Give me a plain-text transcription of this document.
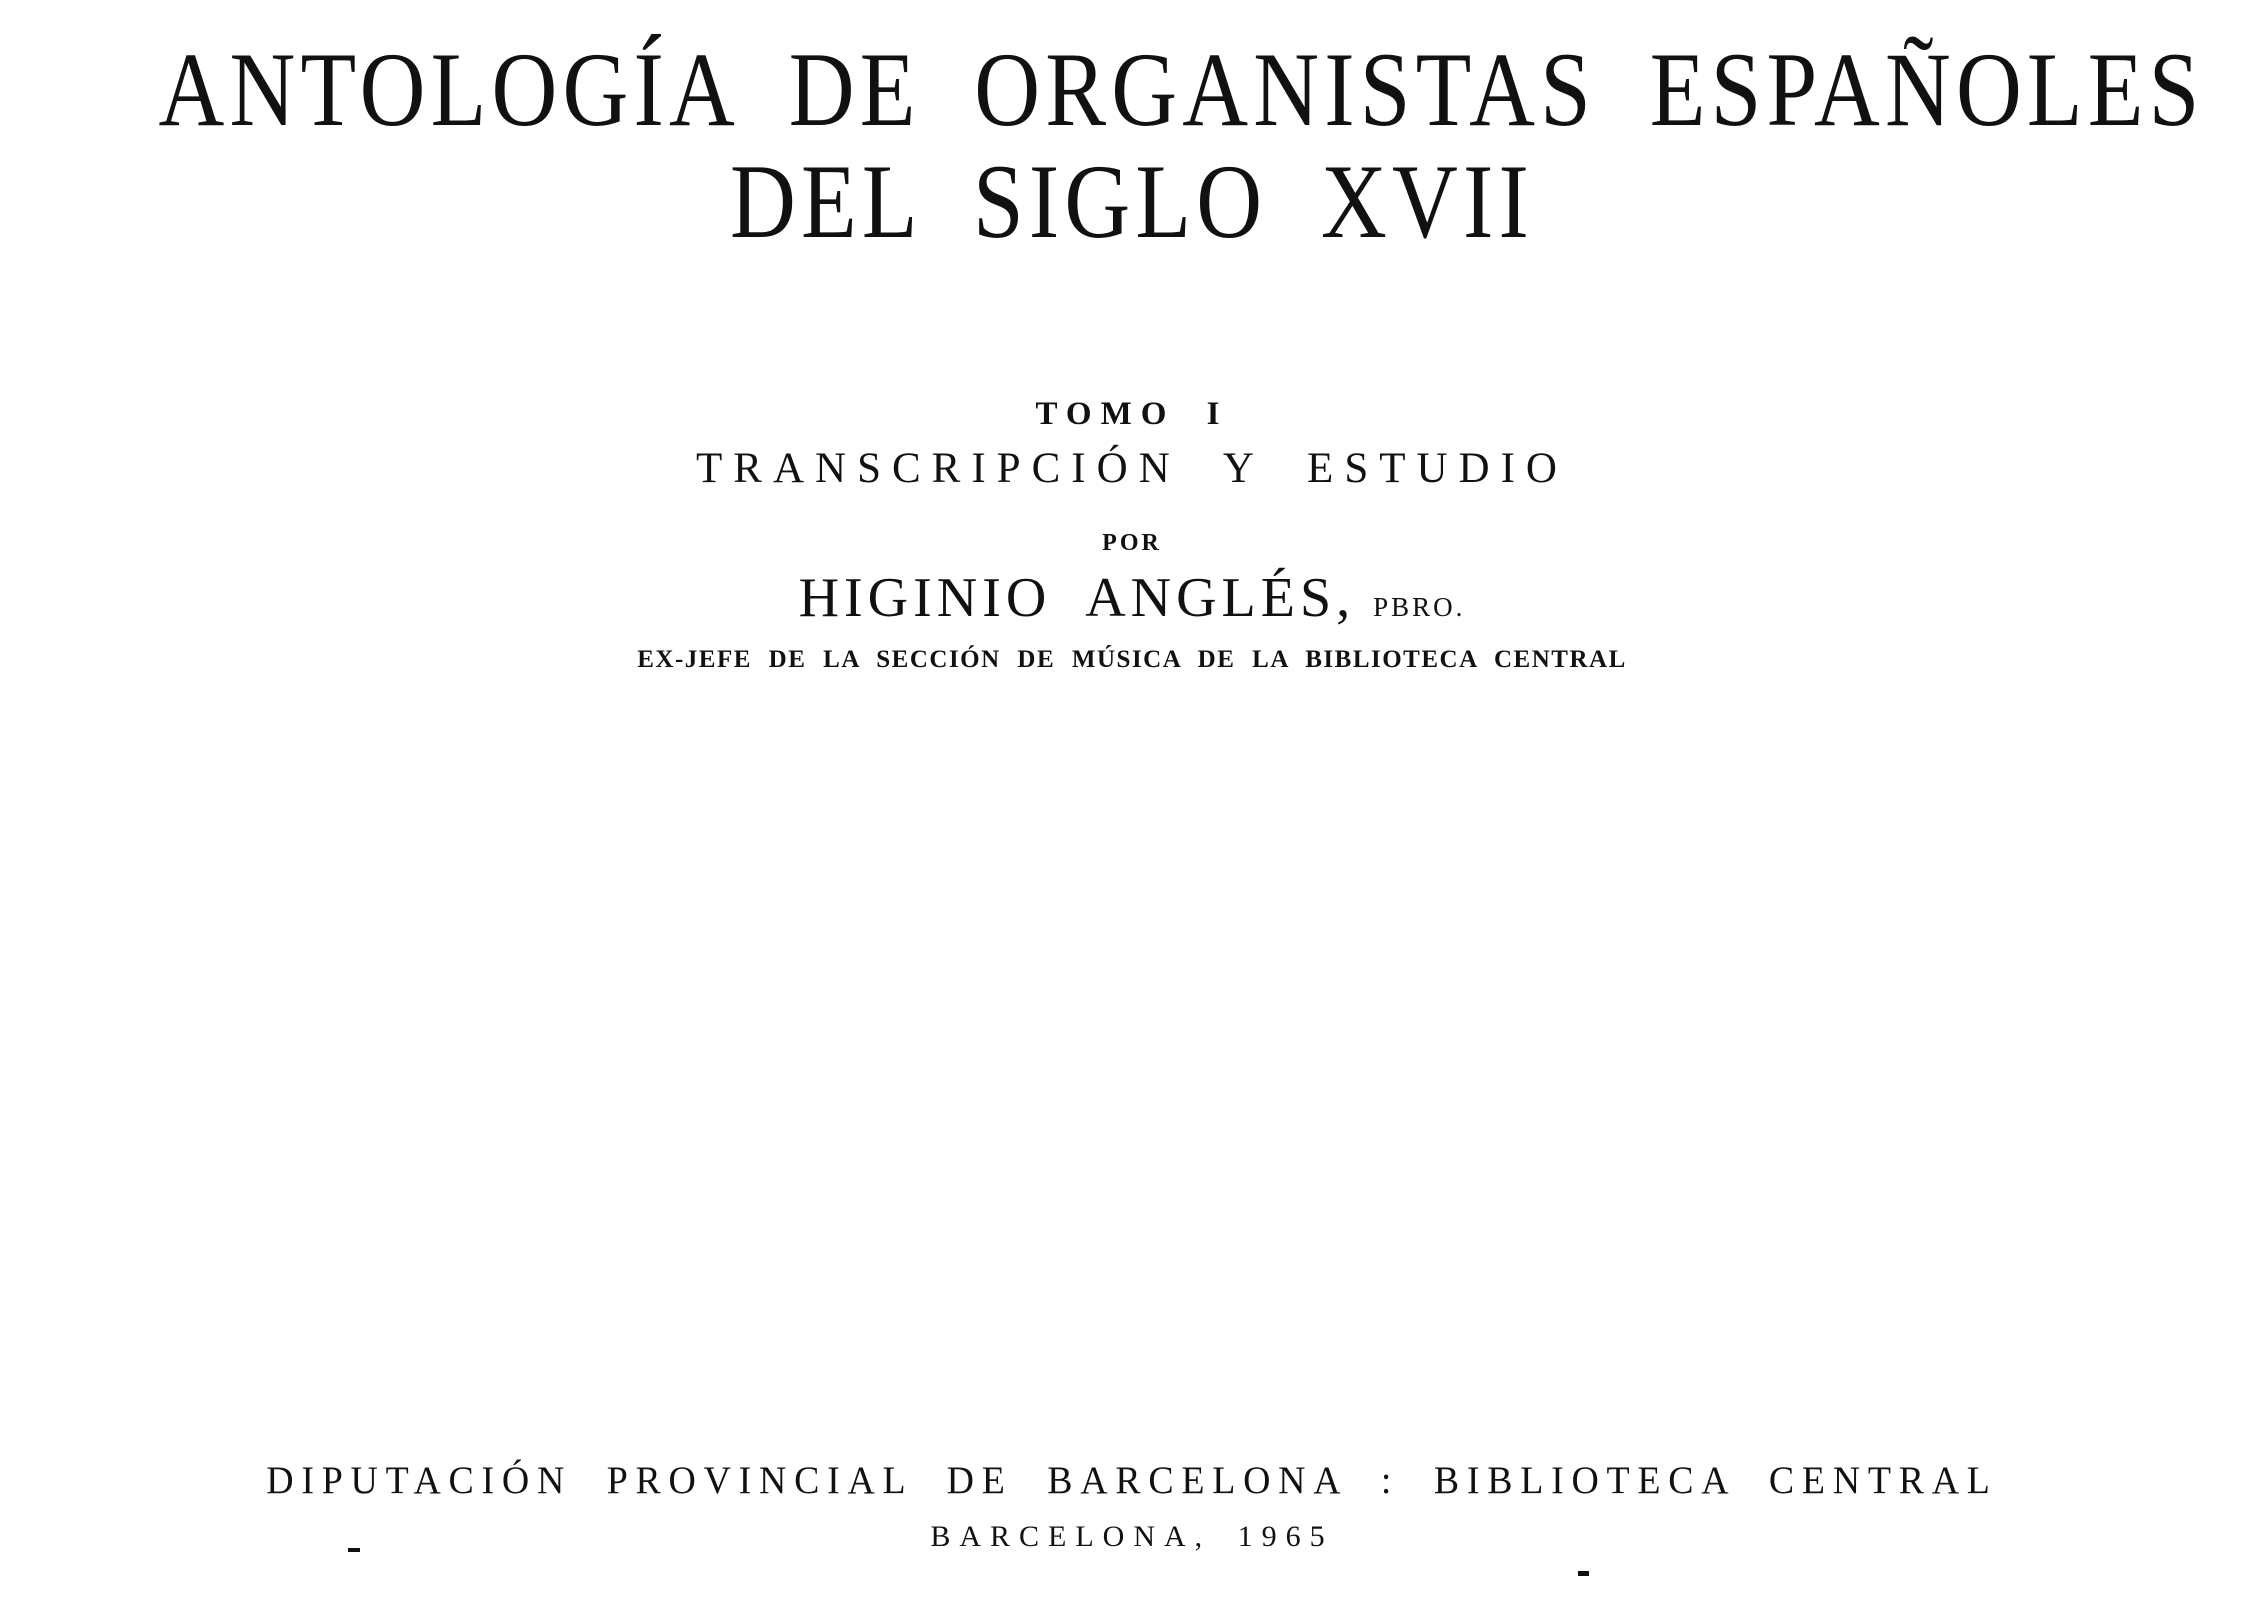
ANTOLOGÍA DE ORGANISTAS ESPAÑOLES
DEL SIGLO XVII
TOMO I
TRANSCRIPCIÓN Y ESTUDIO
POR
HIGINIO ANGLÉS, PBRO.
EX-JEFE DE LA SECCIÓN DE MÚSICA DE LA BIBLIOTECA CENTRAL
DIPUTACIÓN PROVINCIAL DE BARCELONA : BIBLIOTECA CENTRAL
BARCELONA, 1965
